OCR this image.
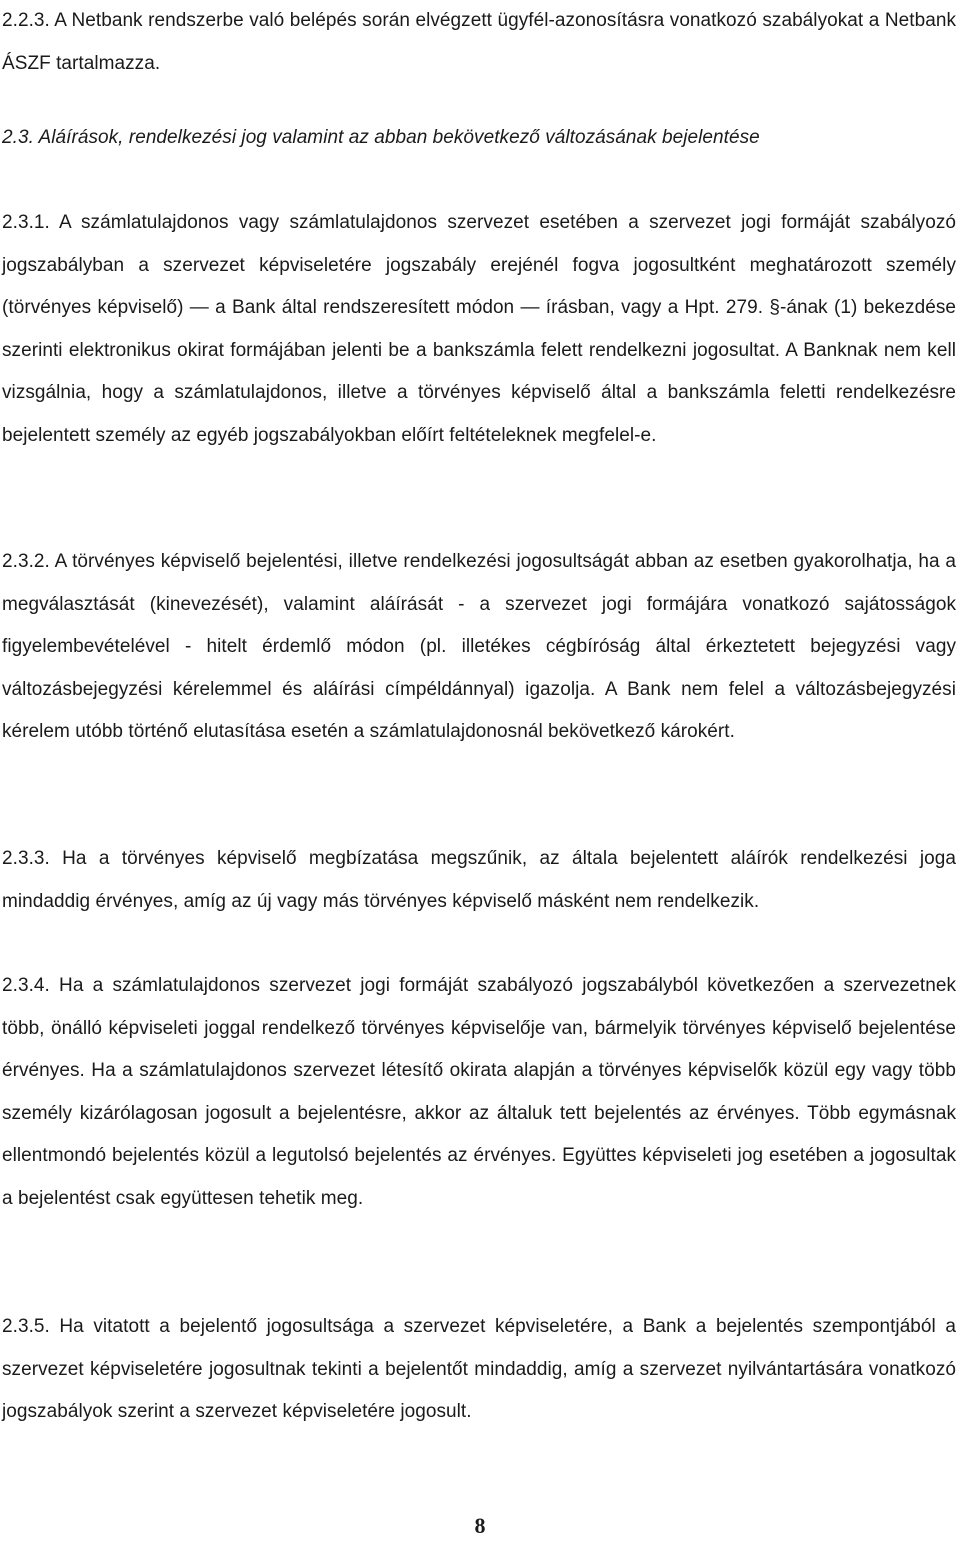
2.2.3. A Netbank rendszerbe való belépés során elvégzett ügyfél-azonosításra vonatkozó szabályokat a Netbank ÁSZF tartalmazza.

2.3. Aláírások, rendelkezési jog valamint az abban bekövetkező változásának bejelentése

2.3.1. A számlatulajdonos vagy számlatulajdonos szervezet esetében a szervezet jogi formáját szabályozó jogszabályban a szervezet képviseletére jogszabály erejénél fogva jogosultként meghatározott személy (törvényes képviselő) — a Bank által rendszeresített módon — írásban, vagy a Hpt. 279. §-ának (1) bekezdése szerinti elektronikus okirat formájában jelenti be a bankszámla felett rendelkezni jogosultat. A Banknak nem kell vizsgálnia, hogy a számlatulajdonos, illetve a törvényes képviselő által a bankszámla feletti rendelkezésre bejelentett személy az egyéb jogszabályokban előírt feltételeknek megfelel-e.

2.3.2. A törvényes képviselő bejelentési, illetve rendelkezési jogosultságát abban az esetben gyakorolhatja, ha a megválasztását (kinevezését), valamint aláírását - a szervezet jogi formájára vonatkozó sajátosságok figyelembevételével - hitelt érdemlő módon (pl. illetékes cégbíróság által érkeztetett bejegyzési vagy változásbejegyzési kérelemmel és aláírási címpéldánnyal) igazolja. A Bank nem felel a változásbejegyzési kérelem utóbb történő elutasítása esetén a számlatulajdonosnál bekövetkező károkért.

2.3.3. Ha a törvényes képviselő megbízatása megszűnik, az általa bejelentett aláírók rendelkezési joga mindaddig érvényes, amíg az új vagy más törvényes képviselő másként nem rendelkezik.

2.3.4. Ha a számlatulajdonos szervezet jogi formáját szabályozó jogszabályból következően a szervezetnek több, önálló képviseleti joggal rendelkező törvényes képviselője van, bármelyik törvényes képviselő bejelentése érvényes. Ha a számlatulajdonos szervezet létesítő okirata alapján a törvényes képviselők közül egy vagy több személy kizárólagosan jogosult a bejelentésre, akkor az általuk tett bejelentés az érvényes. Több egymásnak ellentmondó bejelentés közül a legutolsó bejelentés az érvényes. Együttes képviseleti jog esetében a jogosultak a bejelentést csak együttesen tehetik meg.

2.3.5. Ha vitatott a bejelentő jogosultsága a szervezet képviseletére, a Bank a bejelentés szempontjából a szervezet képviseletére jogosultnak tekinti a bejelentőt mindaddig, amíg a szervezet nyilvántartására vonatkozó jogszabályok szerint a szervezet képviseletére jogosult.

8
